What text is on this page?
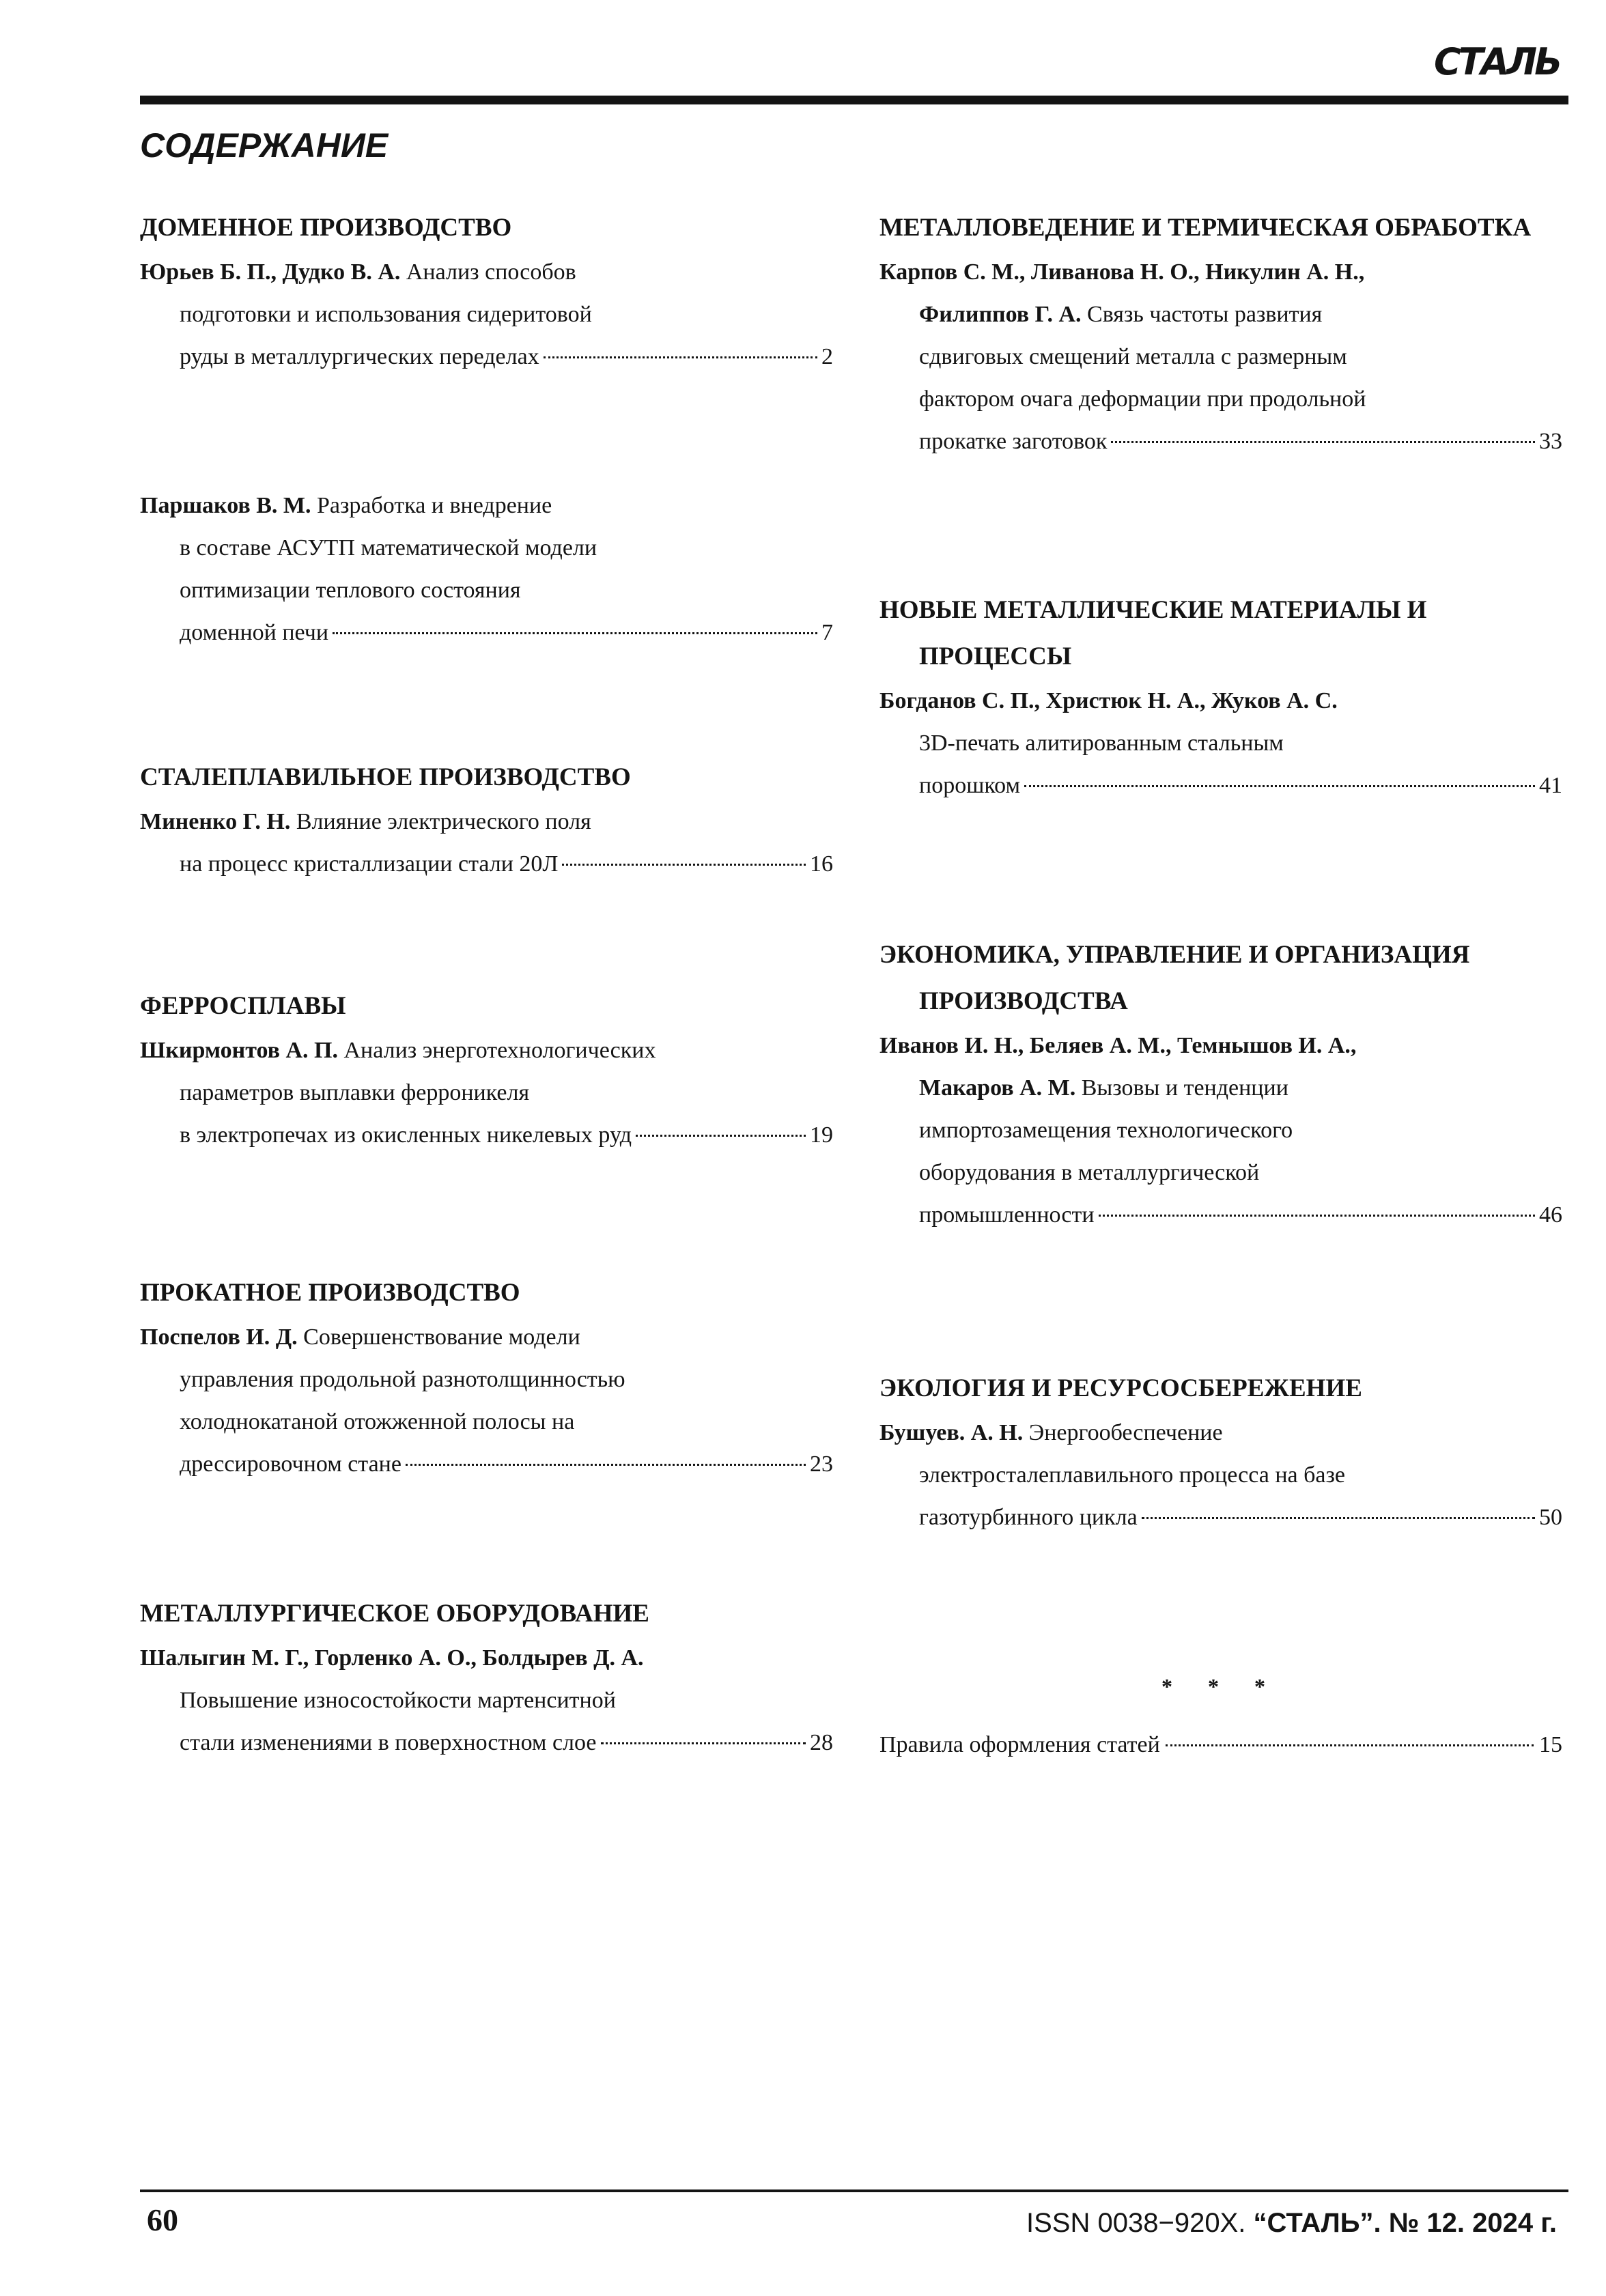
СТАЛЬ
СОДЕРЖАНИЕ
ДОМЕННОЕ ПРОИЗВОДСТВО
Юрьев Б. П., Дудко В. А. Анализ способов
подготовки и использования сидеритовой
руды в металлургических переделах	2
Паршаков В. М. Разработка и внедрение
в составе АСУТП математической модели
оптимизации теплового состояния
доменной печи	7
СТАЛЕПЛАВИЛЬНОЕ ПРОИЗВОДСТВО
Миненко Г. Н. Влияние электрического поля
на процесс кристаллизации стали 20Л	16
ФЕРРОСПЛАВЫ
Шкирмонтов А. П. Анализ энерготехнологических
параметров выплавки ферроникеля
в электропечах из окисленных никелевых руд	19
ПРОКАТНОЕ ПРОИЗВОДСТВО
Поспелов И. Д. Совершенствование модели
управления продольной разнотолщинностью
холоднокатаной отожженной полосы на
дрессировочном стане	23
МЕТАЛЛУРГИЧЕСКОЕ ОБОРУДОВАНИЕ
Шалыгин М. Г., Горленко А. О., Болдырев Д. А.
Повышение износостойкости мартенситной
стали изменениями в поверхностном слое	28
МЕТАЛЛОВЕДЕНИЕ И ТЕРМИЧЕСКАЯ ОБРАБОТКА
Карпов С. М., Ливанова Н. О., Никулин А. Н.,
Филиппов Г. А. Связь частоты развития
сдвиговых смещений металла с размерным
фактором очага деформации при продольной
прокатке заготовок	33
НОВЫЕ МЕТАЛЛИЧЕСКИЕ МАТЕРИАЛЫ И
ПРОЦЕССЫ
Богданов С. П., Христюк Н. А., Жуков А. С.
3D-печать алитированным стальным
порошком	41
ЭКОНОМИКА, УПРАВЛЕНИЕ И ОРГАНИЗАЦИЯ
ПРОИЗВОДСТВА
Иванов И. Н., Беляев А. М., Темнышов И. А.,
Макаров А. М. Вызовы и тенденции
импортозамещения технологического
оборудования в металлургической
промышленности	46
ЭКОЛОГИЯ И РЕСУРСОСБЕРЕЖЕНИЕ
Бушуев. А. Н. Энергообеспечение
электросталеплавильного процесса на базе
газотурбинного цикла	50
* * *
Правила оформления статей	15
60	ISSN 0038−920X. “СТАЛЬ”. № 12. 2024 г.
